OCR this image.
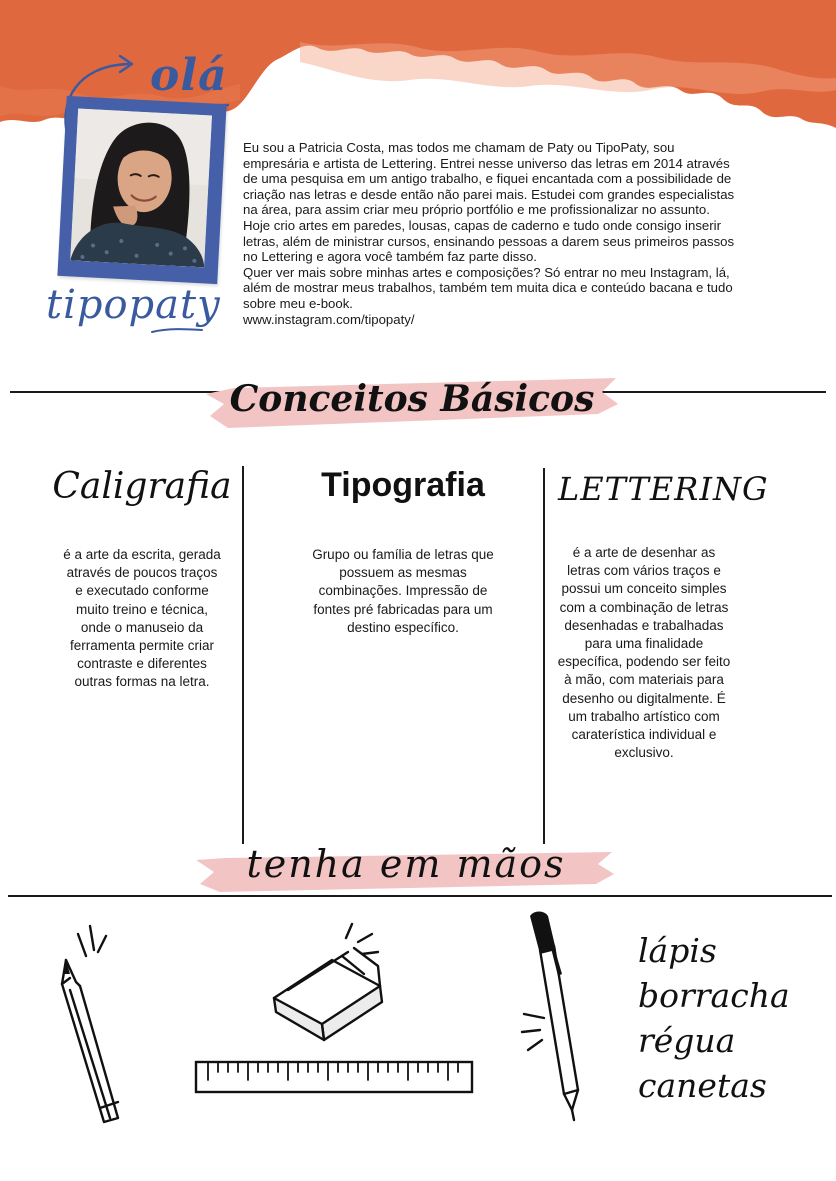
olá
tipopaty

Eu sou a Patricia Costa, mas todos me chamam de Paty ou TipoPaty, sou empresária e artista de Lettering. Entrei nesse universo das letras em 2014 através de uma pesquisa em um antigo trabalho, e fiquei encantada com a possibilidade de criação nas letras e desde então não parei mais. Estudei com grandes especialistas na área, para assim criar meu próprio portfólio e me profissionalizar no assunto.

Hoje crio artes em paredes, lousas, capas de caderno e tudo onde consigo inserir letras, além de ministrar cursos, ensinando pessoas a darem seus primeiros passos no Lettering e agora você também faz parte disso.

Quer ver mais sobre minhas artes e composições? Só entrar no meu Instagram, lá, além de mostrar meus trabalhos, também tem muita dica e conteúdo bacana e tudo sobre meu e-book.

www.instagram.com/tipopaty/

Conceitos Básicos
Caligrafia
é a arte da escrita, gerada através de poucos traços e executado conforme muito treino e técnica, onde o manuseio da ferramenta permite criar contraste e diferentes outras formas na letra.
Tipografia
Grupo ou família de letras que possuem as mesmas combinações. Impressão de fontes pré fabricadas para um destino específico.
LETTERING
é a arte de desenhar as letras com vários traços e possui um conceito simples com a combinação de letras desenhadas e trabalhadas para uma finalidade específica, podendo ser feito à mão, com materiais para desenho ou digitalmente. É um trabalho artístico com caraterística individual e exclusivo.
tenha em mãos
lápis
borracha
régua
canetas
